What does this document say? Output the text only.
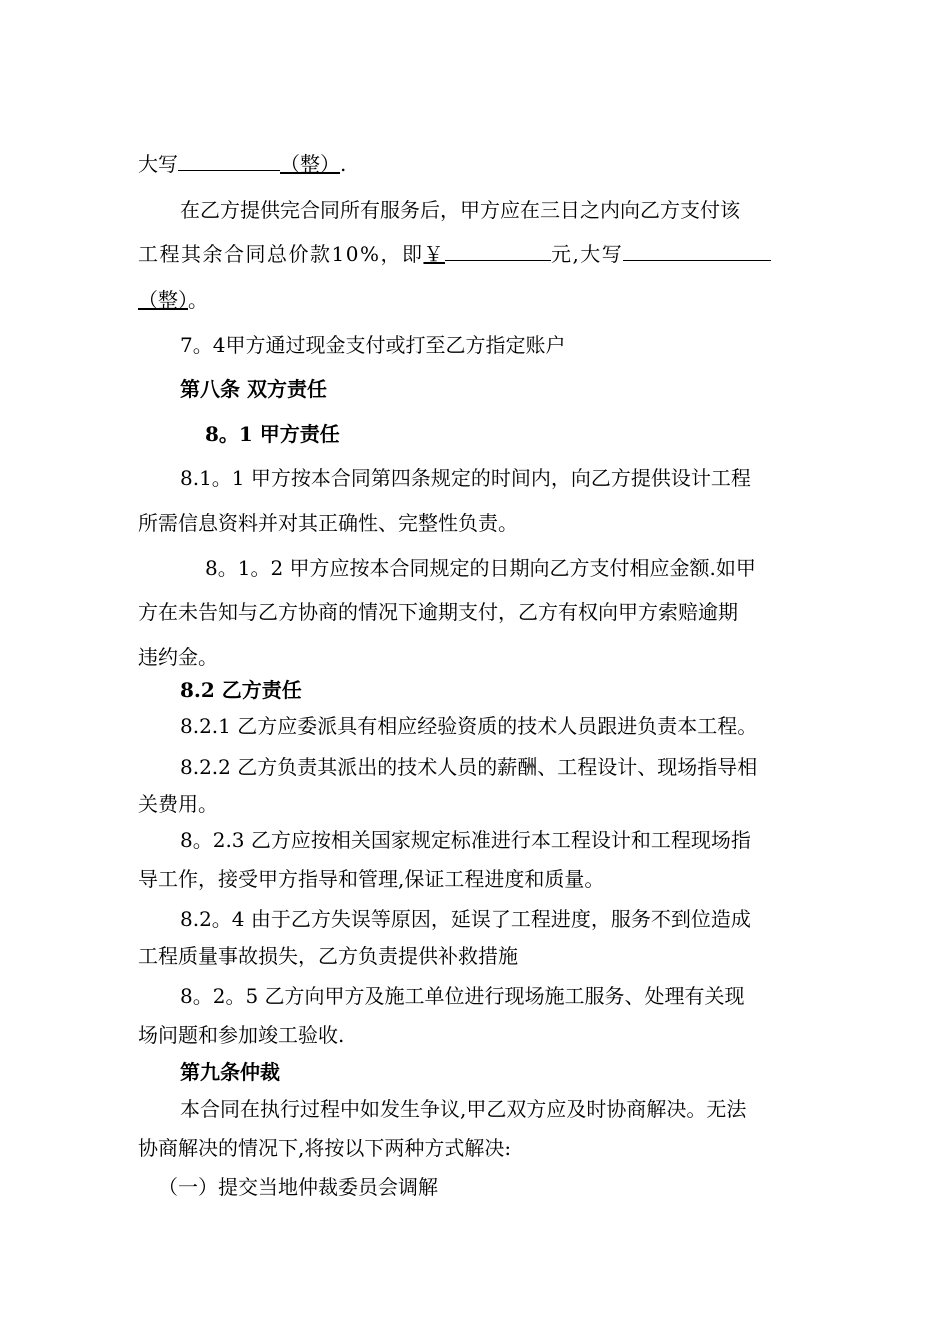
大写	（整）.
在乙方提供完合同所有服务后，甲方应在三日之内向乙方支付该
工程其余合同总价款10%，即￥	元,大写
（整）。
7。4甲方通过现金支付或打至乙方指定账户
第八条 双方责任
8。1 甲方责任
8.1。1 甲方按本合同第四条规定的时间内，向乙方提供设计工程
所需信息资料并对其正确性、完整性负责。
8。1。2 甲方应按本合同规定的日期向乙方支付相应金额.如甲
方在未告知与乙方协商的情况下逾期支付，乙方有权向甲方索赔逾期
违约金。
8.2 乙方责任
8.2.1 乙方应委派具有相应经验资质的技术人员跟进负责本工程。
8.2.2 乙方负责其派出的技术人员的薪酬、工程设计、现场指导相
关费用。
8。2.3 乙方应按相关国家规定标准进行本工程设计和工程现场指
导工作，接受甲方指导和管理,保证工程进度和质量。
8.2。4 由于乙方失误等原因，延误了工程进度，服务不到位造成
工程质量事故损失，乙方负责提供补救措施
8。2。5 乙方向甲方及施工单位进行现场施工服务、处理有关现
场问题和参加竣工验收.
第九条仲裁
本合同在执行过程中如发生争议,甲乙双方应及时协商解决。无法
协商解决的情况下,将按以下两种方式解决:
（一）提交当地仲裁委员会调解
